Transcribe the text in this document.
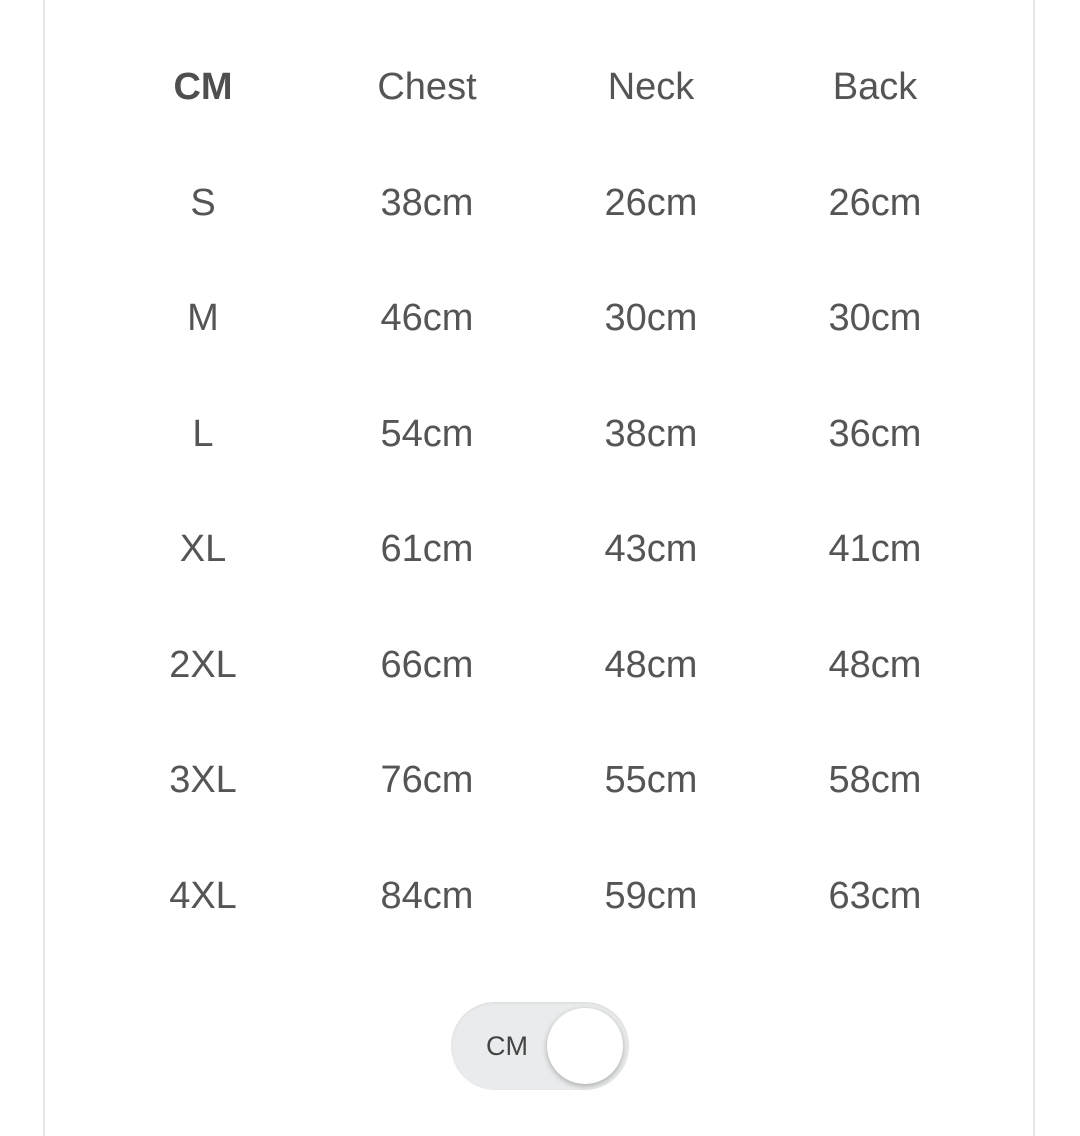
CM	Chest	Neck	Back
S	38cm	26cm	26cm
M	46cm	30cm	30cm
L	54cm	38cm	36cm
XL	61cm	43cm	41cm
2XL	66cm	48cm	48cm
3XL	76cm	55cm	58cm
4XL	84cm	59cm	63cm
CM
